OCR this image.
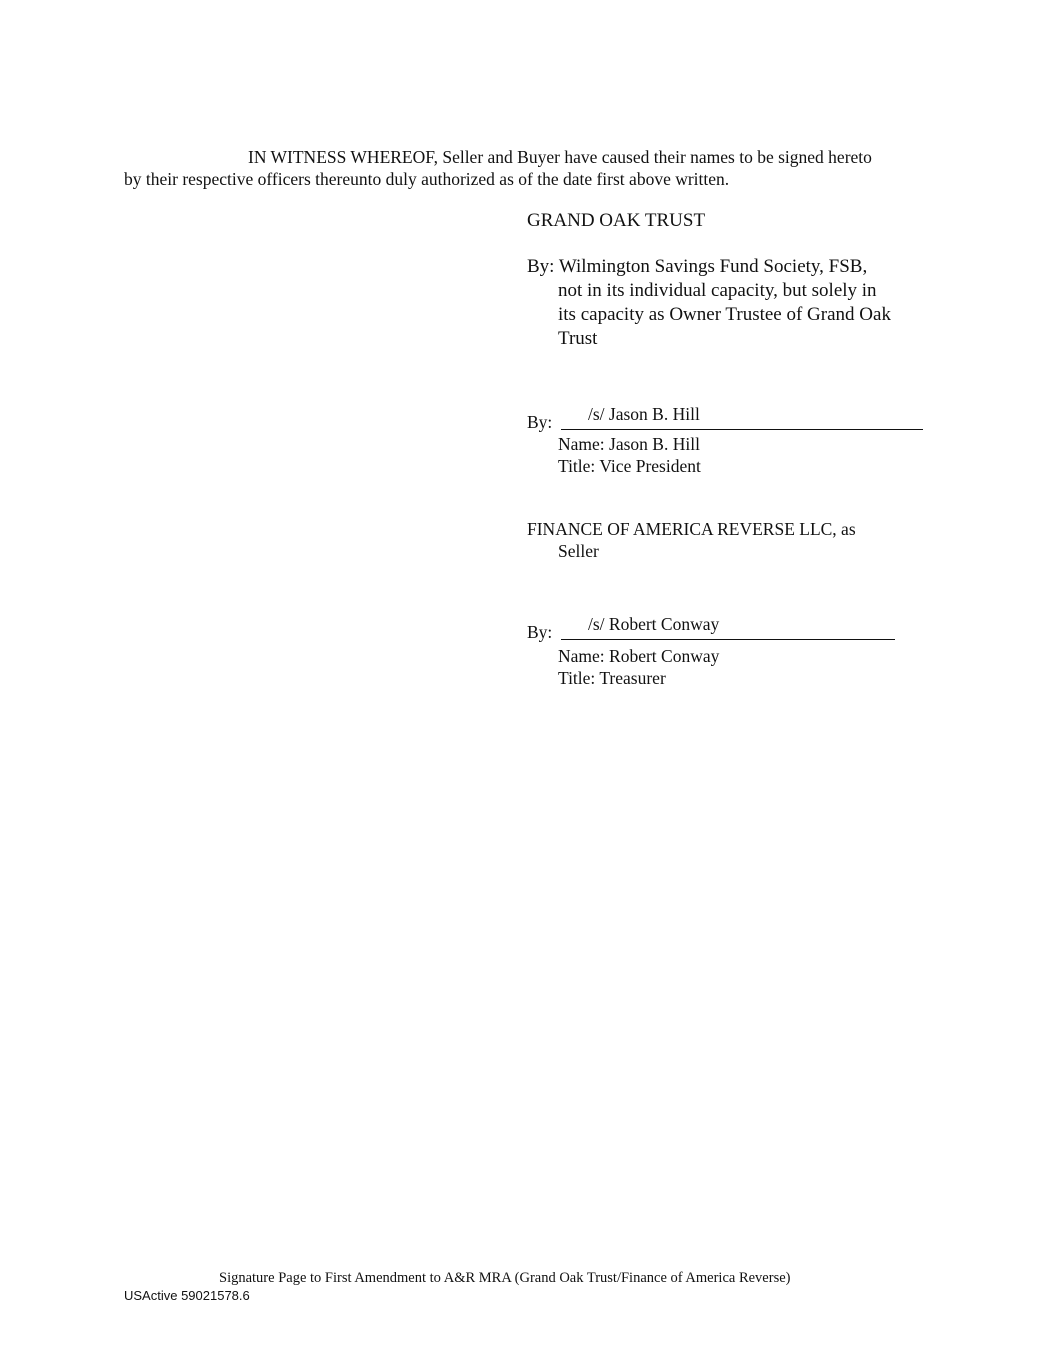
IN WITNESS WHEREOF, Seller and Buyer have caused their names to be signed hereto
by their respective officers thereunto duly authorized as of the date first above written.
GRAND OAK TRUST
By: Wilmington Savings Fund Society, FSB,
not in its individual capacity, but solely in
its capacity as Owner Trustee of Grand Oak
Trust
By: /s/ Jason B. Hill
Name: Jason B. Hill
Title: Vice President
FINANCE OF AMERICA REVERSE LLC, as
Seller
By: /s/ Robert Conway
Name: Robert Conway
Title: Treasurer
Signature Page to First Amendment to A&R MRA (Grand Oak Trust/Finance of America Reverse)
USActive 59021578.6
